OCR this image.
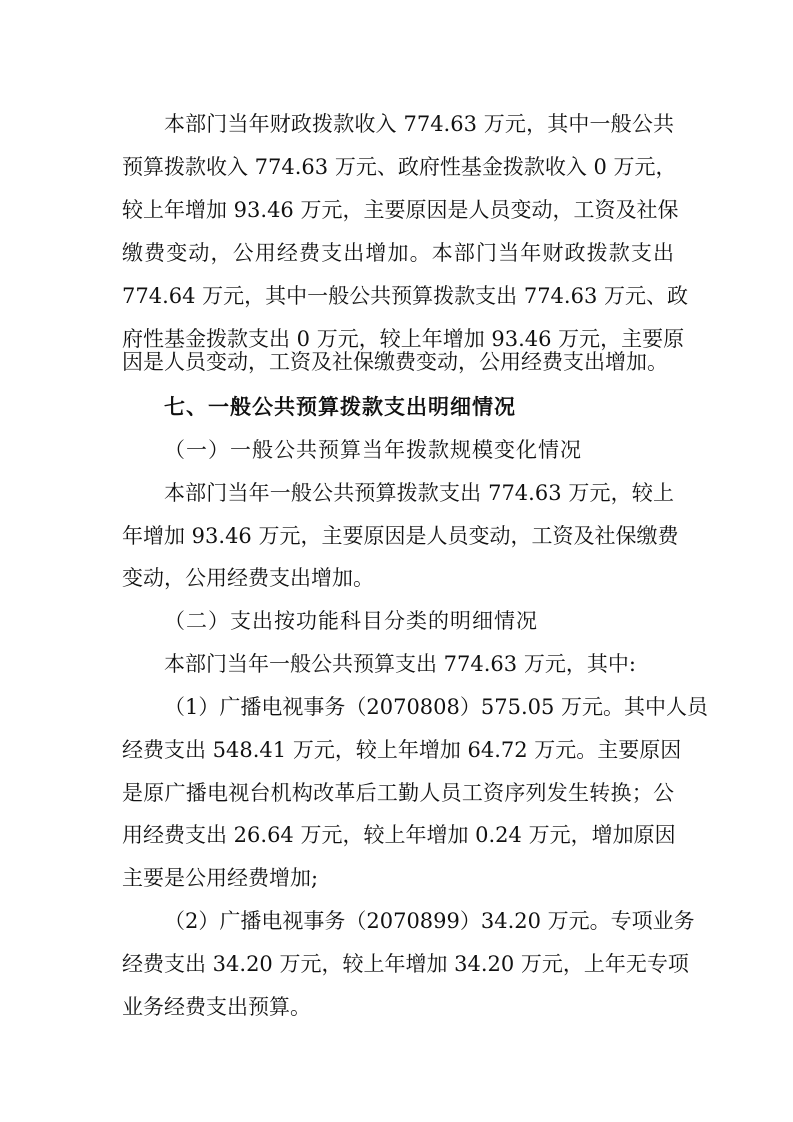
本部门当年财政拨款收入 774.63 万元，其中一般公共
预算拨款收入 774.63 万元、政府性基金拨款收入 0 万元，
较上年增加 93.46 万元，主要原因是人员变动，工资及社保
缴费变动，公用经费支出增加。本部门当年财政拨款支出
774.64 万元，其中一般公共预算拨款支出 774.63 万元、政
府性基金拨款支出 0 万元，较上年增加 93.46 万元，主要原
因是人员变动，工资及社保缴费变动，公用经费支出增加。
七、一般公共预算拨款支出明细情况
（一）一般公共预算当年拨款规模变化情况
本部门当年一般公共预算拨款支出 774.63 万元，较上
年增加 93.46 万元，主要原因是人员变动，工资及社保缴费
变动，公用经费支出增加。
（二）支出按功能科目分类的明细情况
本部门当年一般公共预算支出 774.63 万元，其中:
（1）广播电视事务（2070808）575.05 万元。其中人员
经费支出 548.41 万元，较上年增加 64.72 万元。主要原因
是原广播电视台机构改革后工勤人员工资序列发生转换；公
用经费支出 26.64 万元，较上年增加 0.24 万元，增加原因
主要是公用经费增加;
（2）广播电视事务（2070899）34.20 万元。专项业务
经费支出 34.20 万元，较上年增加 34.20 万元，上年无专项
业务经费支出预算。
